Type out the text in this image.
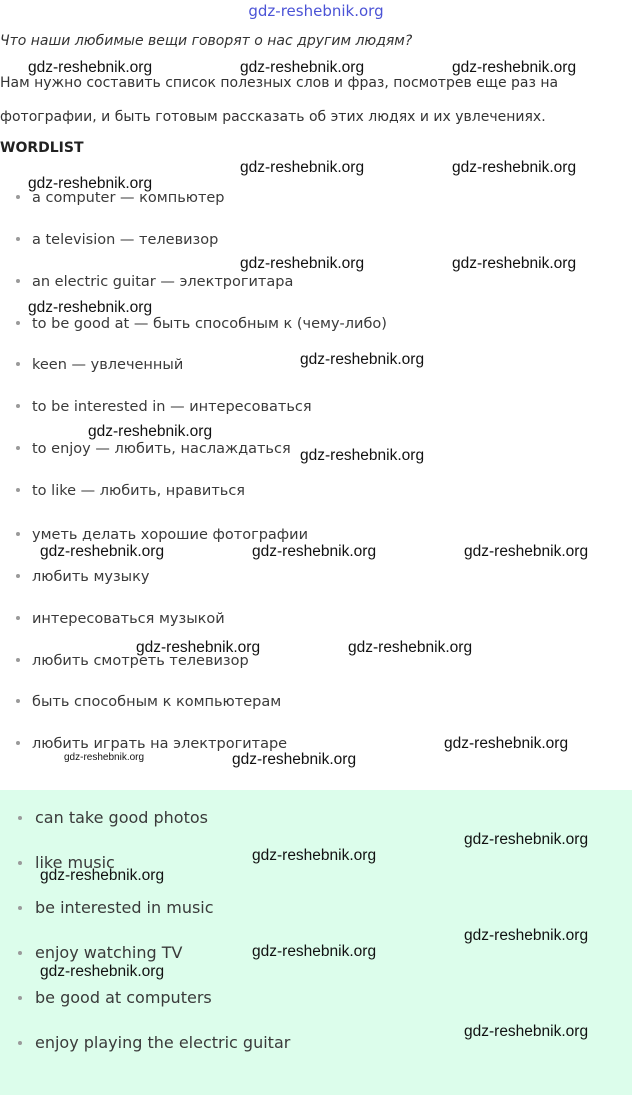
gdz-reshebnik.org
Что наши любимые вещи говорят о нас другим людям?
Нам нужно составить список полезных слов и фраз, посмотрев еще раз на
фотографии, и быть готовым рассказать об этих людях и их увлечениях.
WORDLIST
a computer — компьютер
a television — телевизор
an electric guitar — электрогитара
to be good at — быть способным к (чему-либо)
keen — увлеченный
to be interested in — интересоваться
to enjoy — любить, наслаждаться
to like — любить, нравиться
уметь делать хорошие фотографии
любить музыку
интересоваться музыкой
любить смотреть телевизор
быть способным к компьютерам
любить играть на электрогитаре
can take good photos
like music
be interested in music
enjoy watching TV
be good at computers
enjoy playing the electric guitar
gdz-reshebnik.org	gdz-reshebnik.org	gdz-reshebnik.org
gdz-reshebnik.org	gdz-reshebnik.org
gdz-reshebnik.org
gdz-reshebnik.org	gdz-reshebnik.org
gdz-reshebnik.org
gdz-reshebnik.org
gdz-reshebnik.org
gdz-reshebnik.org
gdz-reshebnik.org	gdz-reshebnik.org	gdz-reshebnik.org
gdz-reshebnik.org	gdz-reshebnik.org
gdz-reshebnik.org
gdz-reshebnik.org	gdz-reshebnik.org
gdz-reshebnik.org
gdz-reshebnik.org
gdz-reshebnik.org
gdz-reshebnik.org
gdz-reshebnik.org
gdz-reshebnik.org
gdz-reshebnik.org
